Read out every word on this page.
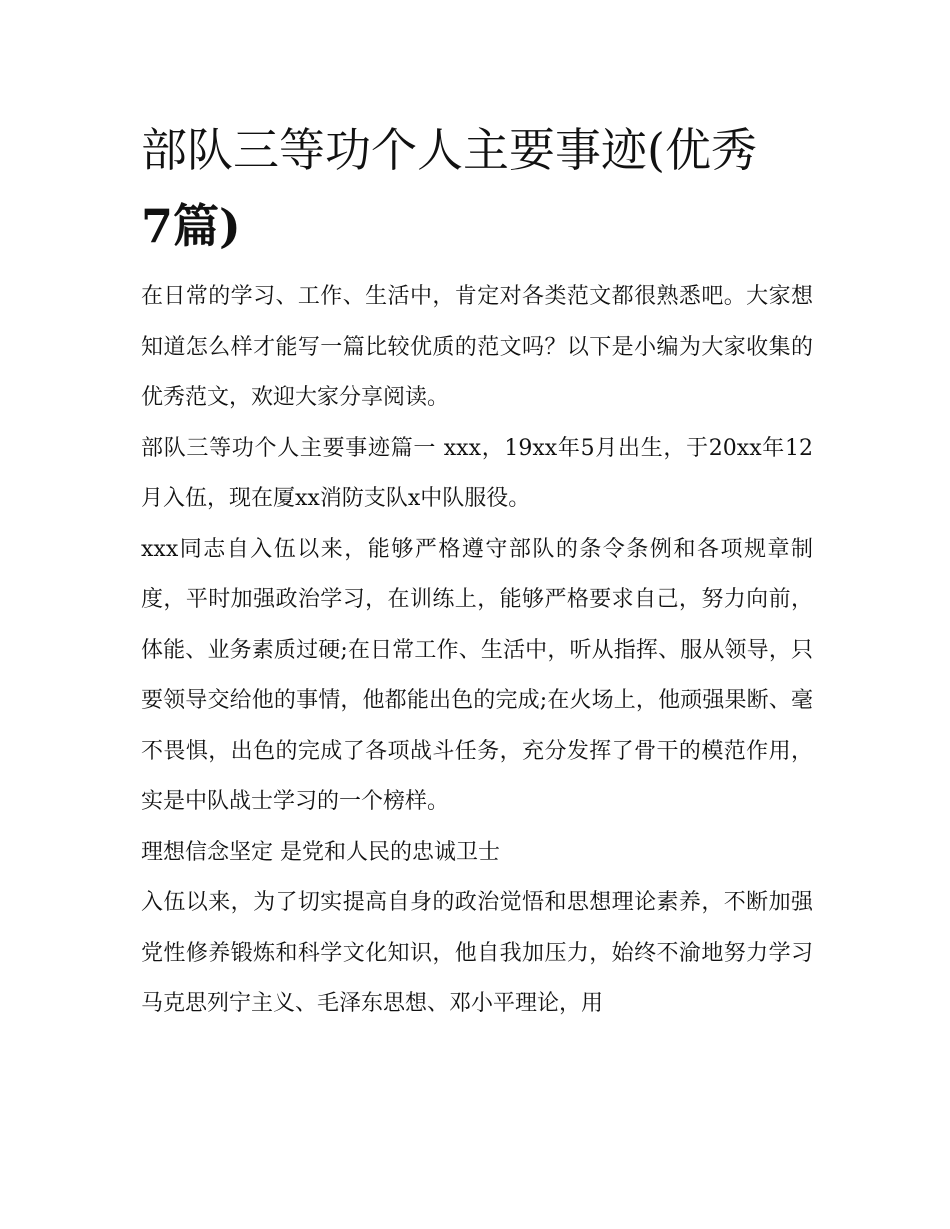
部队三等功个人主要事迹(优秀
7篇)

在日常的学习、工作、生活中，肯定对各类范文都很熟悉吧。大家想知道怎么样才能写一篇比较优质的范文吗？以下是小编为大家收集的优秀范文，欢迎大家分享阅读。

部队三等功个人主要事迹篇一 xxx，19xx年5月出生，于20xx年12月入伍，现在厦xx消防支队x中队服役。

xxx同志自入伍以来，能够严格遵守部队的条令条例和各项规章制度，平时加强政治学习，在训练上，能够严格要求自己，努力向前，体能、业务素质过硬;在日常工作、生活中，听从指挥、服从领导，只要领导交给他的事情，他都能出色的完成;在火场上，他顽强果断、毫不畏惧，出色的完成了各项战斗任务，充分发挥了骨干的模范作用，实是中队战士学习的一个榜样。

理想信念坚定 是党和人民的忠诚卫士

入伍以来，为了切实提高自身的政治觉悟和思想理论素养，不断加强党性修养锻炼和科学文化知识，他自我加压力，始终不渝地努力学习马克思列宁主义、毛泽东思想、邓小平理论，用
